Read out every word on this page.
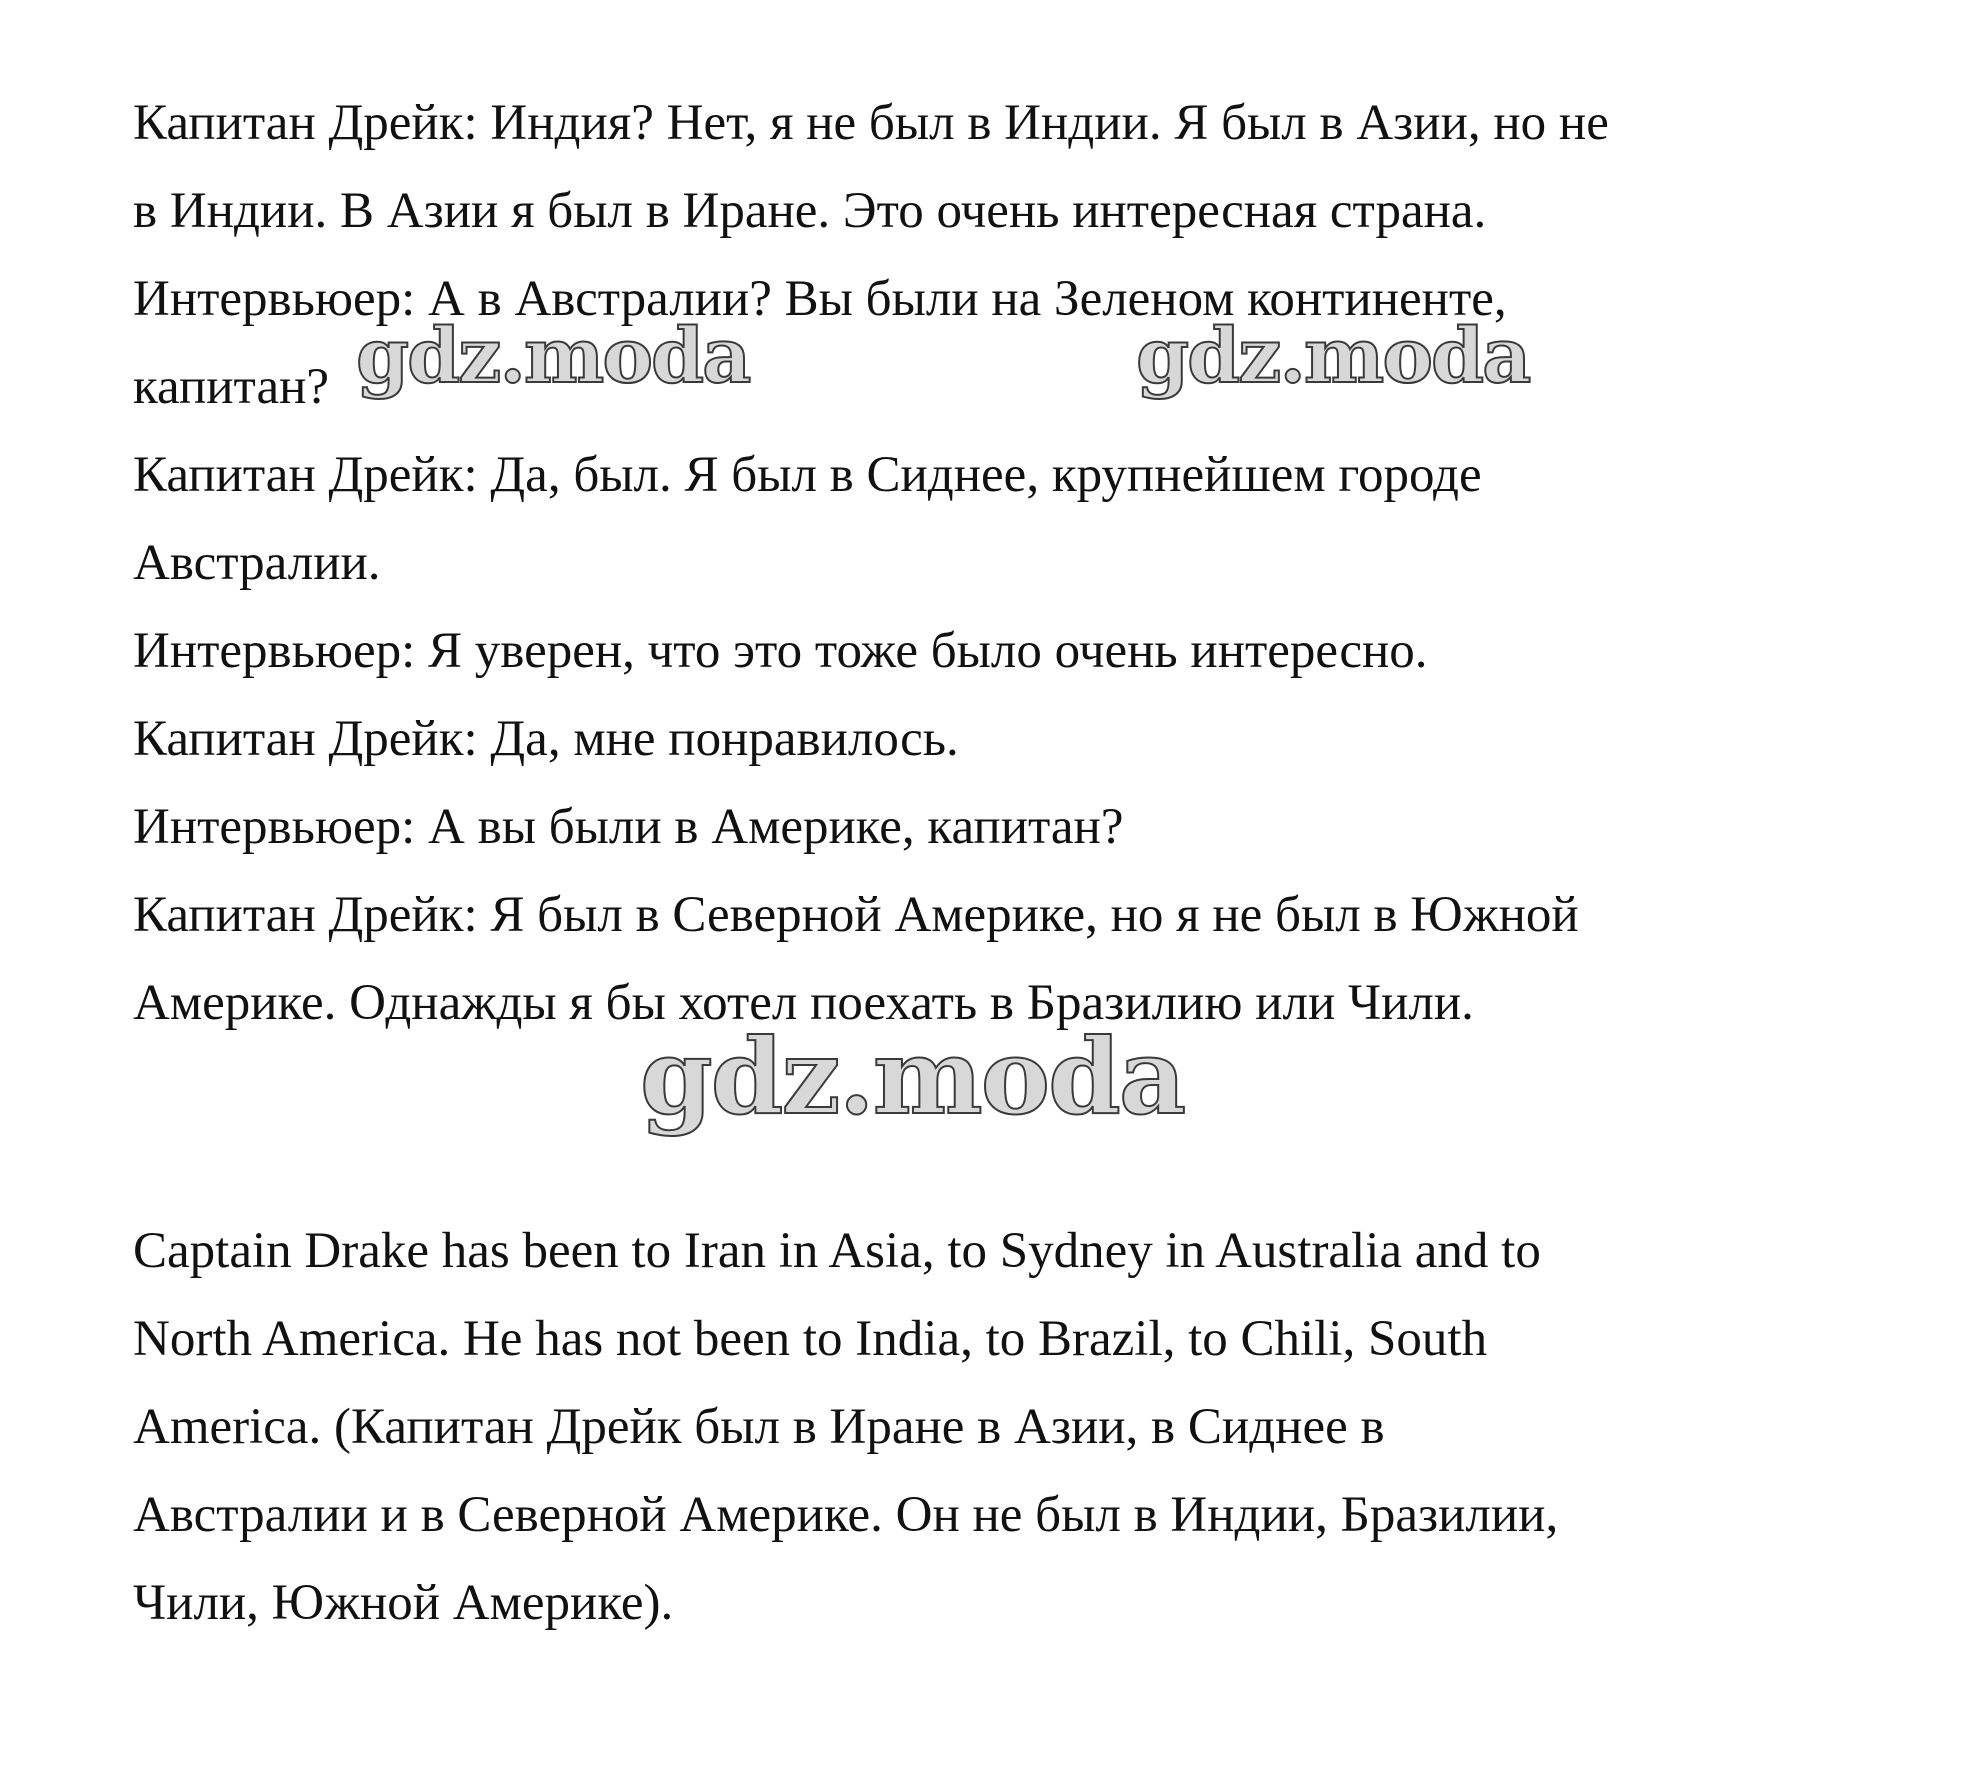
Капитан Дрейк: Индия? Нет, я не был в Индии. Я был в Азии, но не

в Индии. В Азии я был в Иране. Это очень интересная страна.

Интервьюер: А в Австралии? Вы были на Зеленом континенте,

капитан?

Капитан Дрейк: Да, был. Я был в Сиднее, крупнейшем городе

Австралии.

Интервьюер: Я уверен, что это тоже было очень интересно.

Капитан Дрейк: Да, мне понравилось.

Интервьюер: А вы были в Америке, капитан?

Капитан Дрейк: Я был в Северной Америке, но я не был в Южной

Америке. Однажды я бы хотел поехать в Бразилию или Чили.

Captain Drake has been to Iran in Asia, to Sydney in Australia and to

North America. He has not been to India, to Brazil, to Chili, South

America. (Капитан Дрейк был в Иране в Азии, в Сиднее в

Австралии и в Северной Америке. Он не был в Индии, Бразилии,

Чили, Южной Америке).

gdz.moda	gdz.moda
gdz.moda
